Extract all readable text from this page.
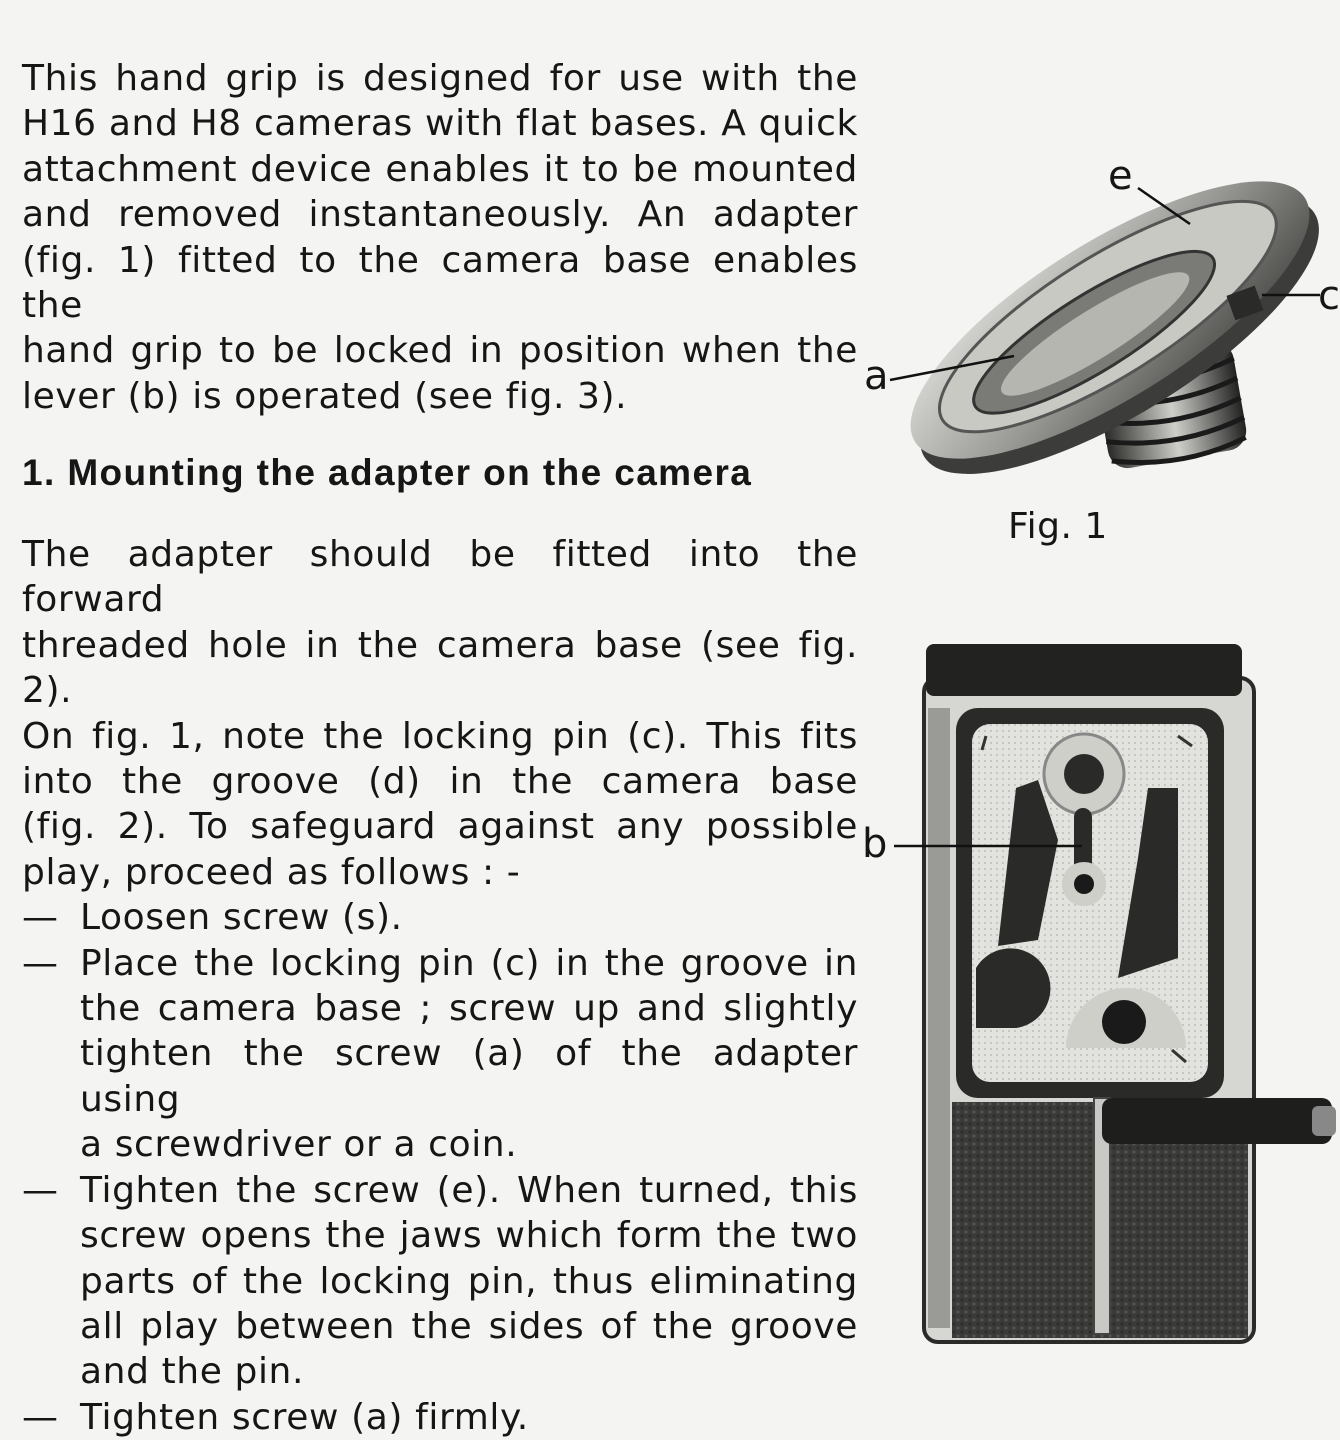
This hand grip is designed for use with the
H16 and H8 cameras with flat bases. A quick
attachment device enables it to be mounted
and removed instantaneously. An adapter
(fig. 1) fitted to the camera base enables the
hand grip to be locked in position when the
lever (b) is operated (see fig. 3).

1. Mounting the adapter on the camera

The adapter should be fitted into the forward
threaded hole in the camera base (see fig. 2).
On fig. 1, note the locking pin (c). This fits
into the groove (d) in the camera base
(fig. 2). To safeguard against any possible
play, proceed as follows : -

— Loosen screw (s).
— Place the locking pin (c) in the groove in
the camera base ; screw up and slightly
tighten the screw (a) of the adapter using
a screwdriver or a coin.
— Tighten the screw (e). When turned, this
screw opens the jaws which form the two
parts of the locking pin, thus eliminating
all play between the sides of the groove
and the pin.
— Tighten screw (a) firmly.
e
c
a
Fig. 1
b
